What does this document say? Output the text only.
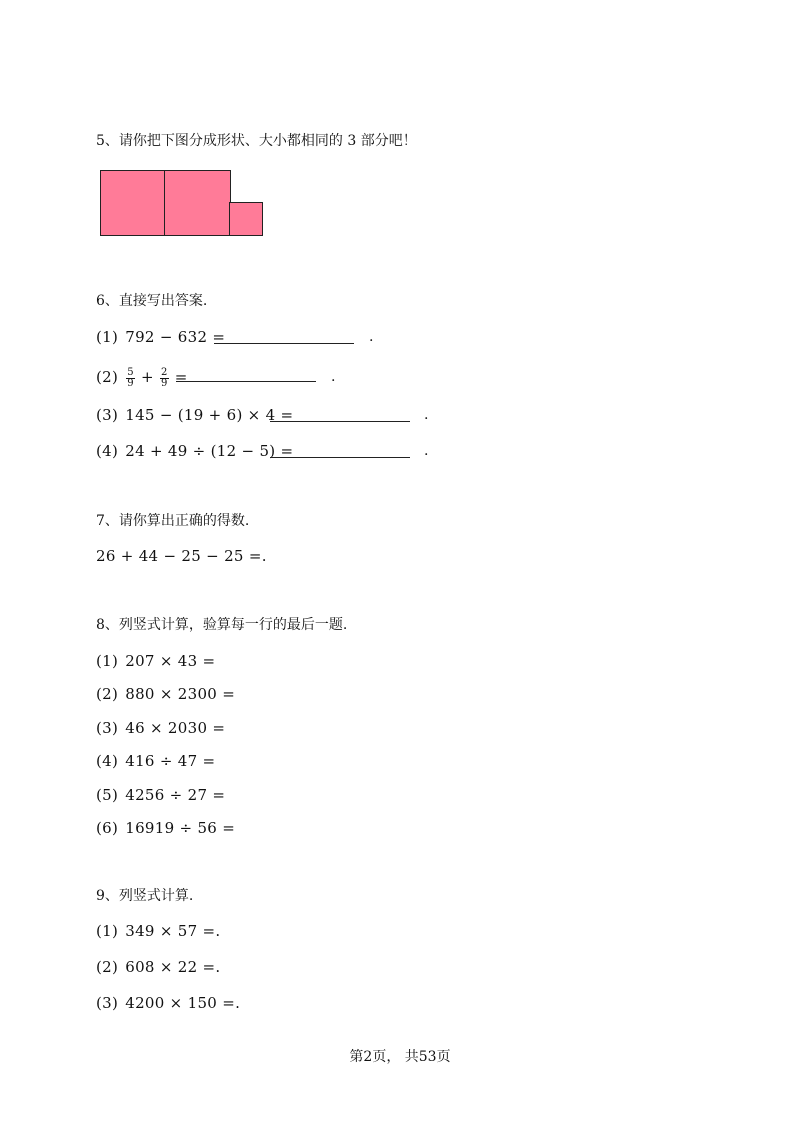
5、请你把下图分成形状、大小都相同的 3 部分吧！
6、直接写出答案.
(1) 792 − 632 =	.
$(2) \frac{5}{9} + \frac{2}{9}$ =	.
(3) 145 − (19 + 6) × 4 =	.
(4) 24 + 49 ÷ (12 − 5) =	.
7、请你算出正确的得数.
26 + 44 − 25 − 25 =.
8、列竖式计算，验算每一行的最后一题.
(1) 207 × 43 =
(2) 880 × 2300 =
(3) 46 × 2030 =
(4) 416 ÷ 47 =
(5) 4256 ÷ 27 =
(6) 16919 ÷ 56 =
9、列竖式计算.
(1) 349 × 57 =.
(2) 608 × 22 =.
(3) 4200 × 150 =.
第2页， 共53页
